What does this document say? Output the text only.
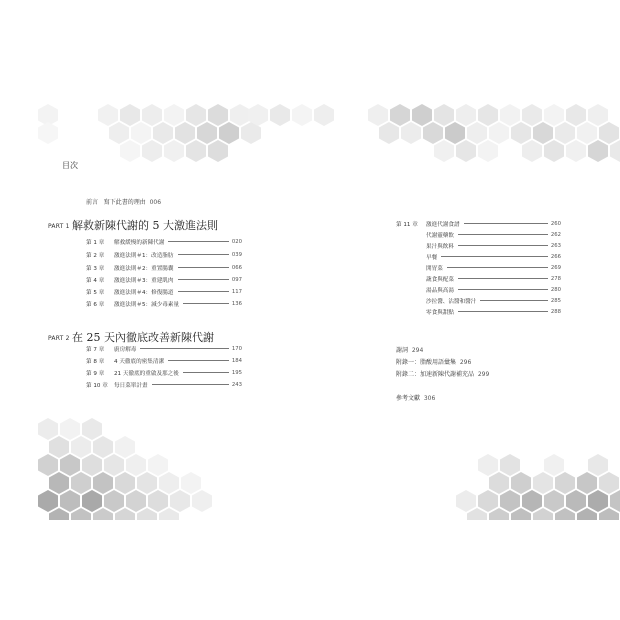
目次
前言 寫下此書的理由 006
PART 1 解救新陳代謝的 5 大激進法則
第 1 章	解救緩慢的新陳代謝	020
第 2 章	激進法則＃1：改造脂肪	039
第 3 章	激進法則＃2：重置腸囊	066
第 4 章	激進法則＃3：重建肌肉	097
第 5 章	激進法則＃4：修復腸道	117
第 6 章	激進法則＃5：減少毒素量	136
PART 2 在 25 天內徹底改善新陳代謝
第 7 章	廚房解毒	170
第 8 章	4 天徹底的密集清潔	184
第 9 章	21 天徹底的重啟及那之後	195
第 10 章	每日菜單計畫	243
第 11 章	激進代謝食譜	260
代謝靈藥飲	262
果汁與飲料	263
早餐	266
開胃菜	269
蔬食與配菜	278
湯品與高湯	280
沙拉醬、沾醬和醬汁	285
零食與甜點	288
謝詞 294
附錄一：脂酸用語彙集 296
附錄二：加速新陳代謝補充品 299
參考文獻 306
